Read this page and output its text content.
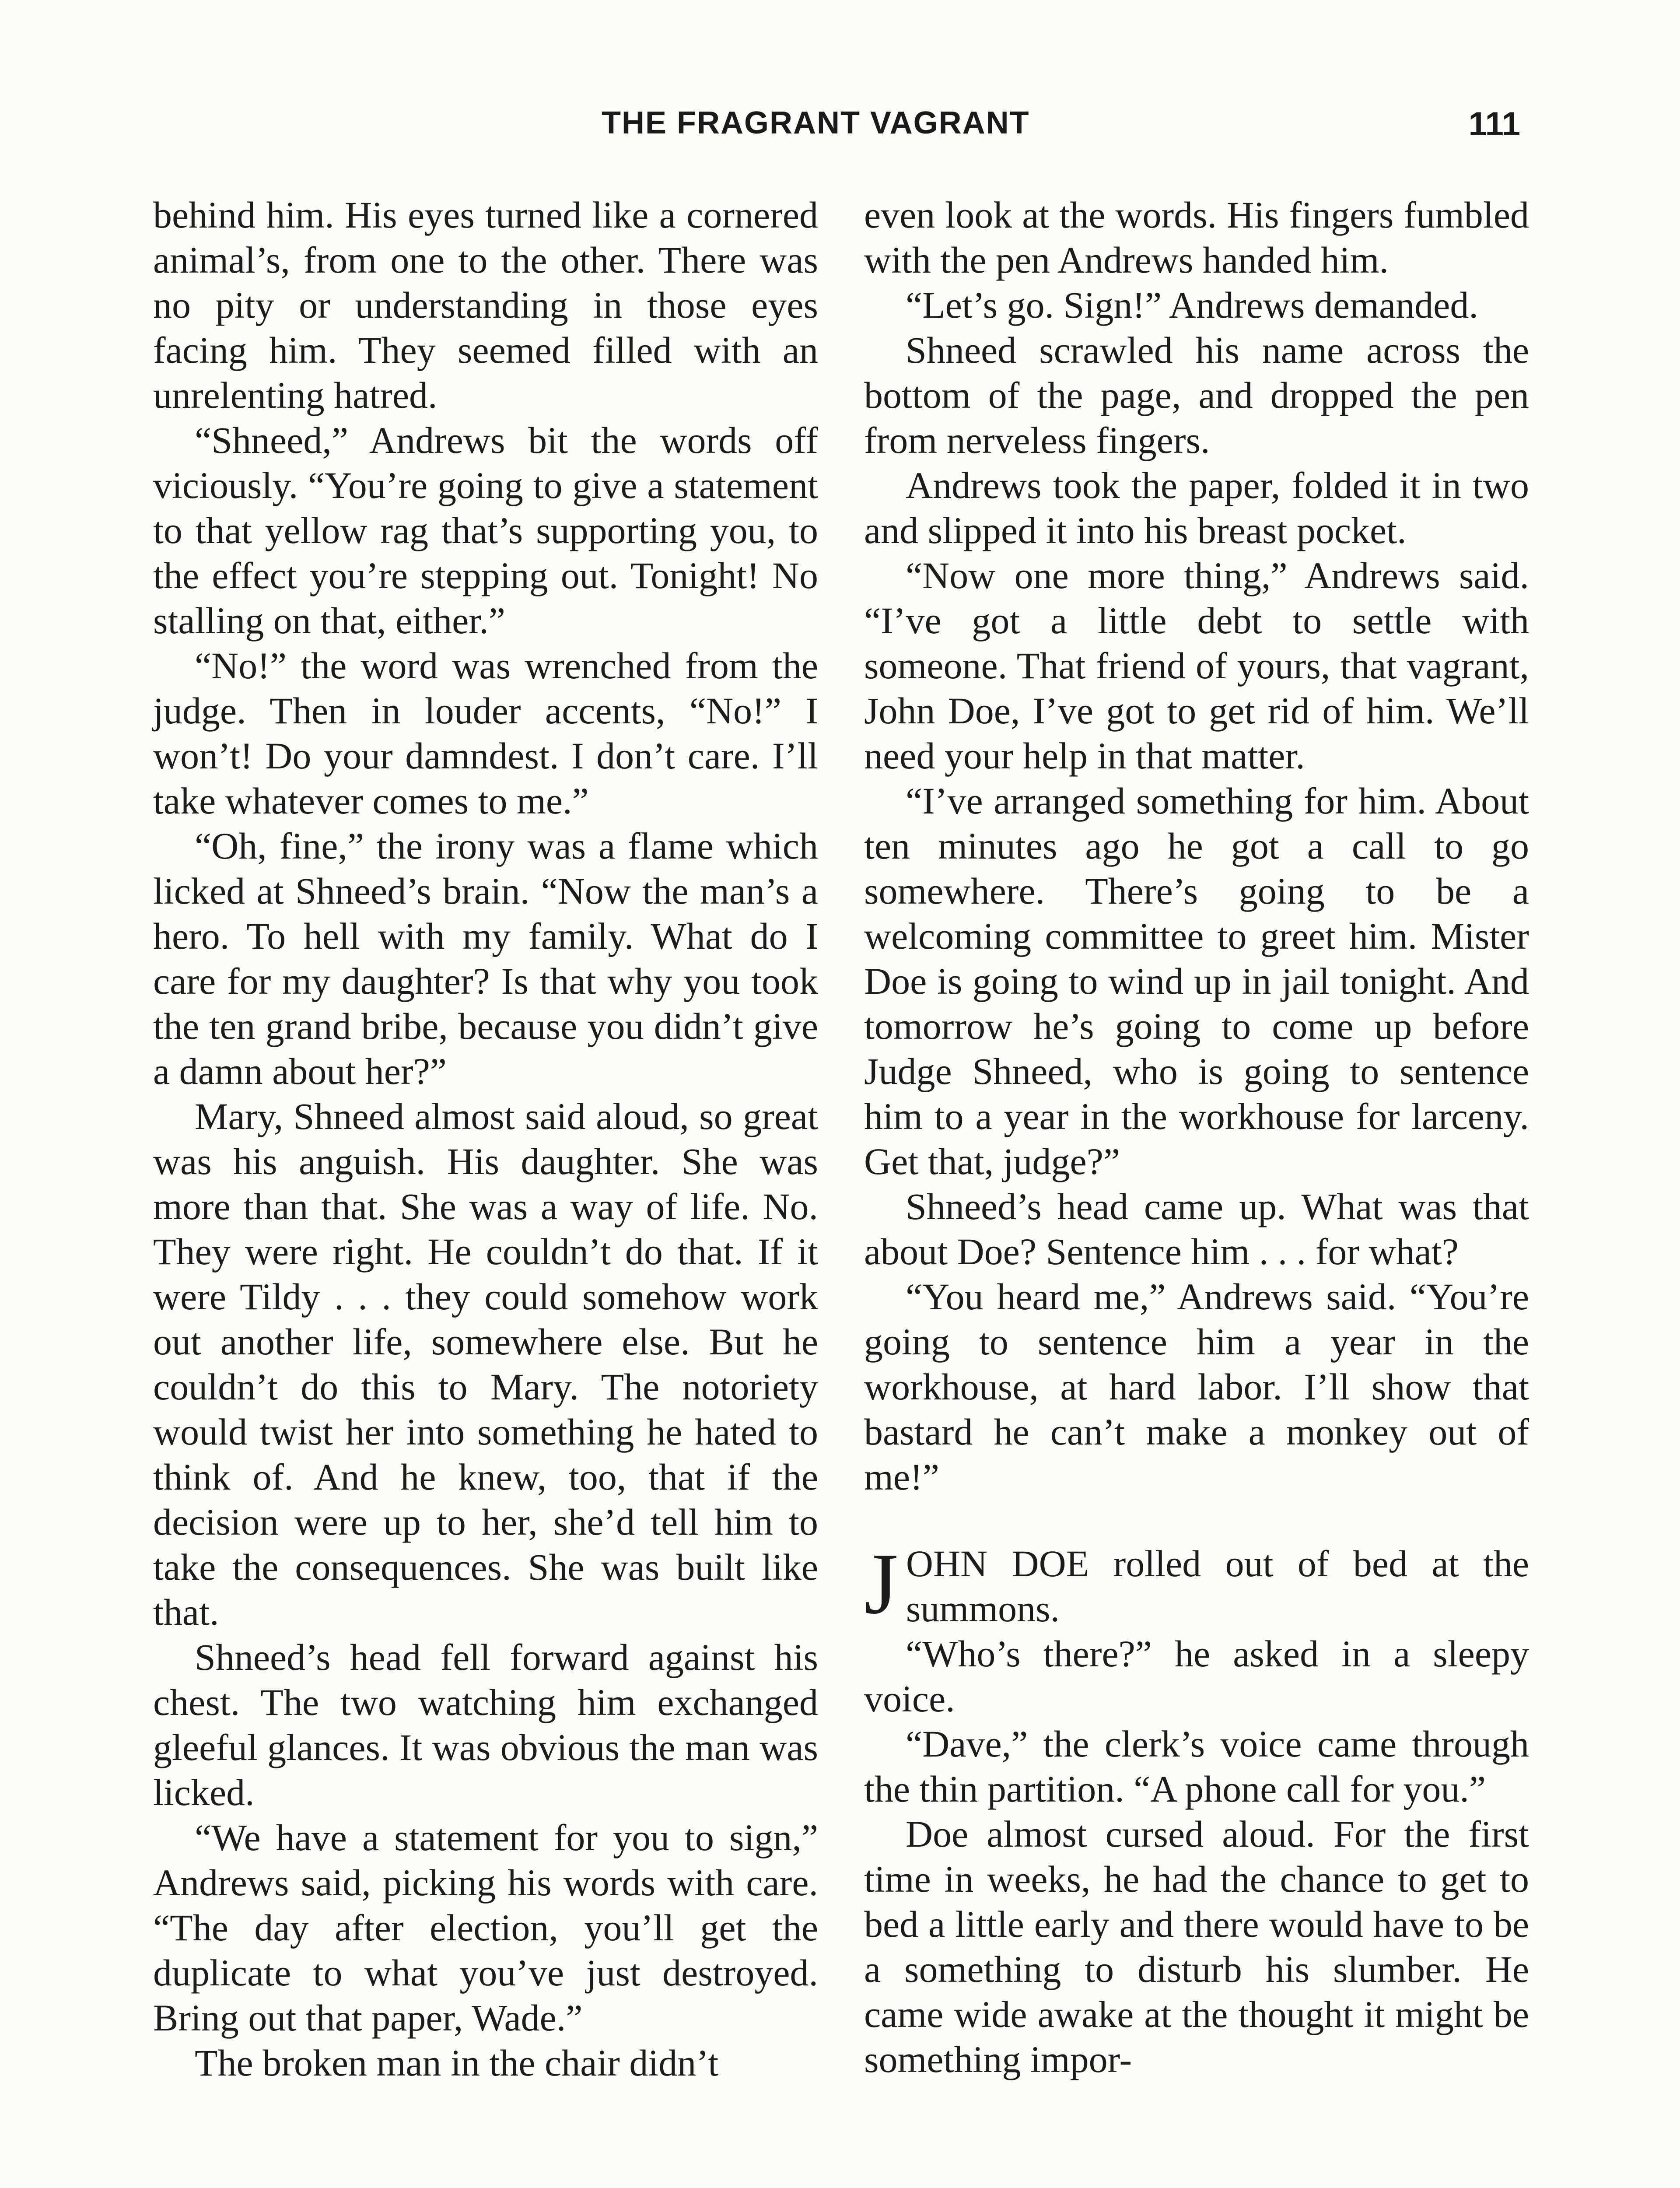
THE FRAGRANT VAGRANT	111

behind him. His eyes turned like a cornered animal’s, from one to the other. There was no pity or understanding in those eyes facing him. They seemed filled with an unrelenting hatred.

“Shneed,” Andrews bit the words off viciously. “You’re going to give a statement to that yellow rag that’s supporting you, to the effect you’re stepping out. Tonight! No stalling on that, either.”

“No!” the word was wrenched from the judge. Then in louder accents, “No!” I won’t! Do your damndest. I don’t care. I’ll take whatever comes to me.”

“Oh, fine,” the irony was a flame which licked at Shneed’s brain. “Now the man’s a hero. To hell with my family. What do I care for my daughter? Is that why you took the ten grand bribe, because you didn’t give a damn about her?”

Mary, Shneed almost said aloud, so great was his anguish. His daughter. She was more than that. She was a way of life. No. They were right. He couldn’t do that. If it were Tildy . . . they could somehow work out another life, somewhere else. But he couldn’t do this to Mary. The notoriety would twist her into something he hated to think of. And he knew, too, that if the decision were up to her, she’d tell him to take the consequences. She was built like that.

Shneed’s head fell forward against his chest. The two watching him exchanged gleeful glances. It was obvious the man was licked.

“We have a statement for you to sign,” Andrews said, picking his words with care. “The day after election, you’ll get the duplicate to what you’ve just destroyed. Bring out that paper, Wade.”

The broken man in the chair didn’t

even look at the words. His fingers fumbled with the pen Andrews handed him.

“Let’s go. Sign!” Andrews demanded.

Shneed scrawled his name across the bottom of the page, and dropped the pen from nerveless fingers.

Andrews took the paper, folded it in two and slipped it into his breast pocket.

“Now one more thing,” Andrews said. “I’ve got a little debt to settle with someone. That friend of yours, that vagrant, John Doe, I’ve got to get rid of him. We’ll need your help in that matter.

“I’ve arranged something for him. About ten minutes ago he got a call to go somewhere. There’s going to be a welcoming committee to greet him. Mister Doe is going to wind up in jail tonight. And tomorrow he’s going to come up before Judge Shneed, who is going to sentence him to a year in the workhouse for larceny. Get that, judge?”

Shneed’s head came up. What was that about Doe? Sentence him . . . for what?

“You heard me,” Andrews said. “You’re going to sentence him a year in the workhouse, at hard labor. I’ll show that bastard he can’t make a monkey out of me!”

JOHN DOE rolled out of bed at the summons.

“Who’s there?” he asked in a sleepy voice.

“Dave,” the clerk’s voice came through the thin partition. “A phone call for you.”

Doe almost cursed aloud. For the first time in weeks, he had the chance to get to bed a little early and there would have to be a something to disturb his slumber. He came wide awake at the thought it might be something impor-
